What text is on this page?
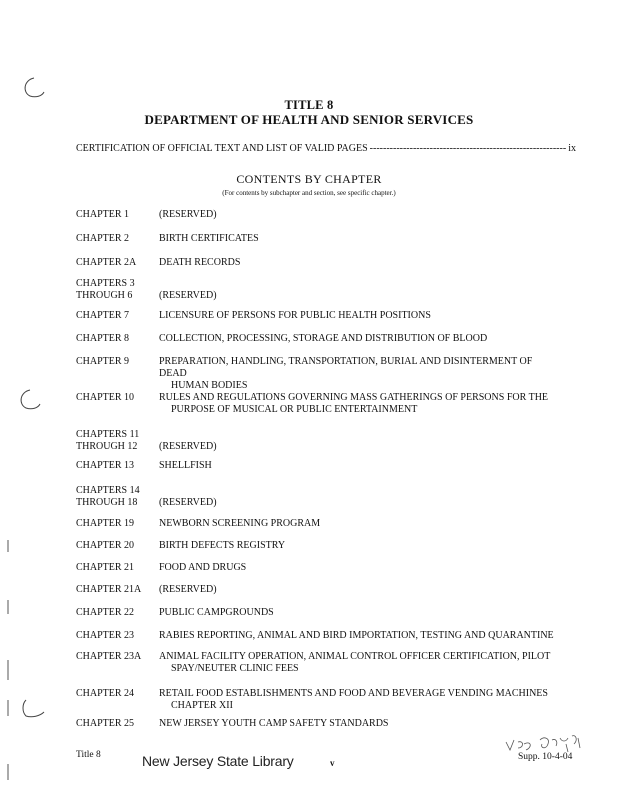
TITLE 8
DEPARTMENT OF HEALTH AND SENIOR SERVICES
CERTIFICATION OF OFFICIAL TEXT AND LIST OF VALID PAGES
-----	ix
CONTENTS BY CHAPTER
(For contents by subchapter and section, see specific chapter.)
CHAPTER 1	(RESERVED)
CHAPTER 2	BIRTH CERTIFICATES
CHAPTER 2A	DEATH RECORDS
CHAPTERS 3
THROUGH 6	(RESERVED)
CHAPTER 7	LICENSURE OF PERSONS FOR PUBLIC HEALTH POSITIONS
CHAPTER 8	COLLECTION, PROCESSING, STORAGE AND DISTRIBUTION OF BLOOD
CHAPTER 9	PREPARATION, HANDLING, TRANSPORTATION, BURIAL AND DISINTERMENT OF DEAD
HUMAN BODIES
CHAPTER 10	RULES AND REGULATIONS GOVERNING MASS GATHERINGS OF PERSONS FOR THE
PURPOSE OF MUSICAL OR PUBLIC ENTERTAINMENT
CHAPTERS 11
THROUGH 12	(RESERVED)
CHAPTER 13	SHELLFISH
CHAPTERS 14
THROUGH 18	(RESERVED)
CHAPTER 19	NEWBORN SCREENING PROGRAM
CHAPTER 20	BIRTH DEFECTS REGISTRY
CHAPTER 21	FOOD AND DRUGS
CHAPTER 21A	(RESERVED)
CHAPTER 22	PUBLIC CAMPGROUNDS
CHAPTER 23	RABIES REPORTING, ANIMAL AND BIRD IMPORTATION, TESTING AND QUARANTINE
CHAPTER 23A	ANIMAL FACILITY OPERATION, ANIMAL CONTROL OFFICER CERTIFICATION, PILOT
SPAY/NEUTER CLINIC FEES
CHAPTER 24	RETAIL FOOD ESTABLISHMENTS AND FOOD AND BEVERAGE VENDING MACHINES
CHAPTER XII
CHAPTER 25	NEW JERSEY YOUTH CAMP SAFETY STANDARDS
Title 8
v
Supp. 10-4-04
New Jersey State Library
